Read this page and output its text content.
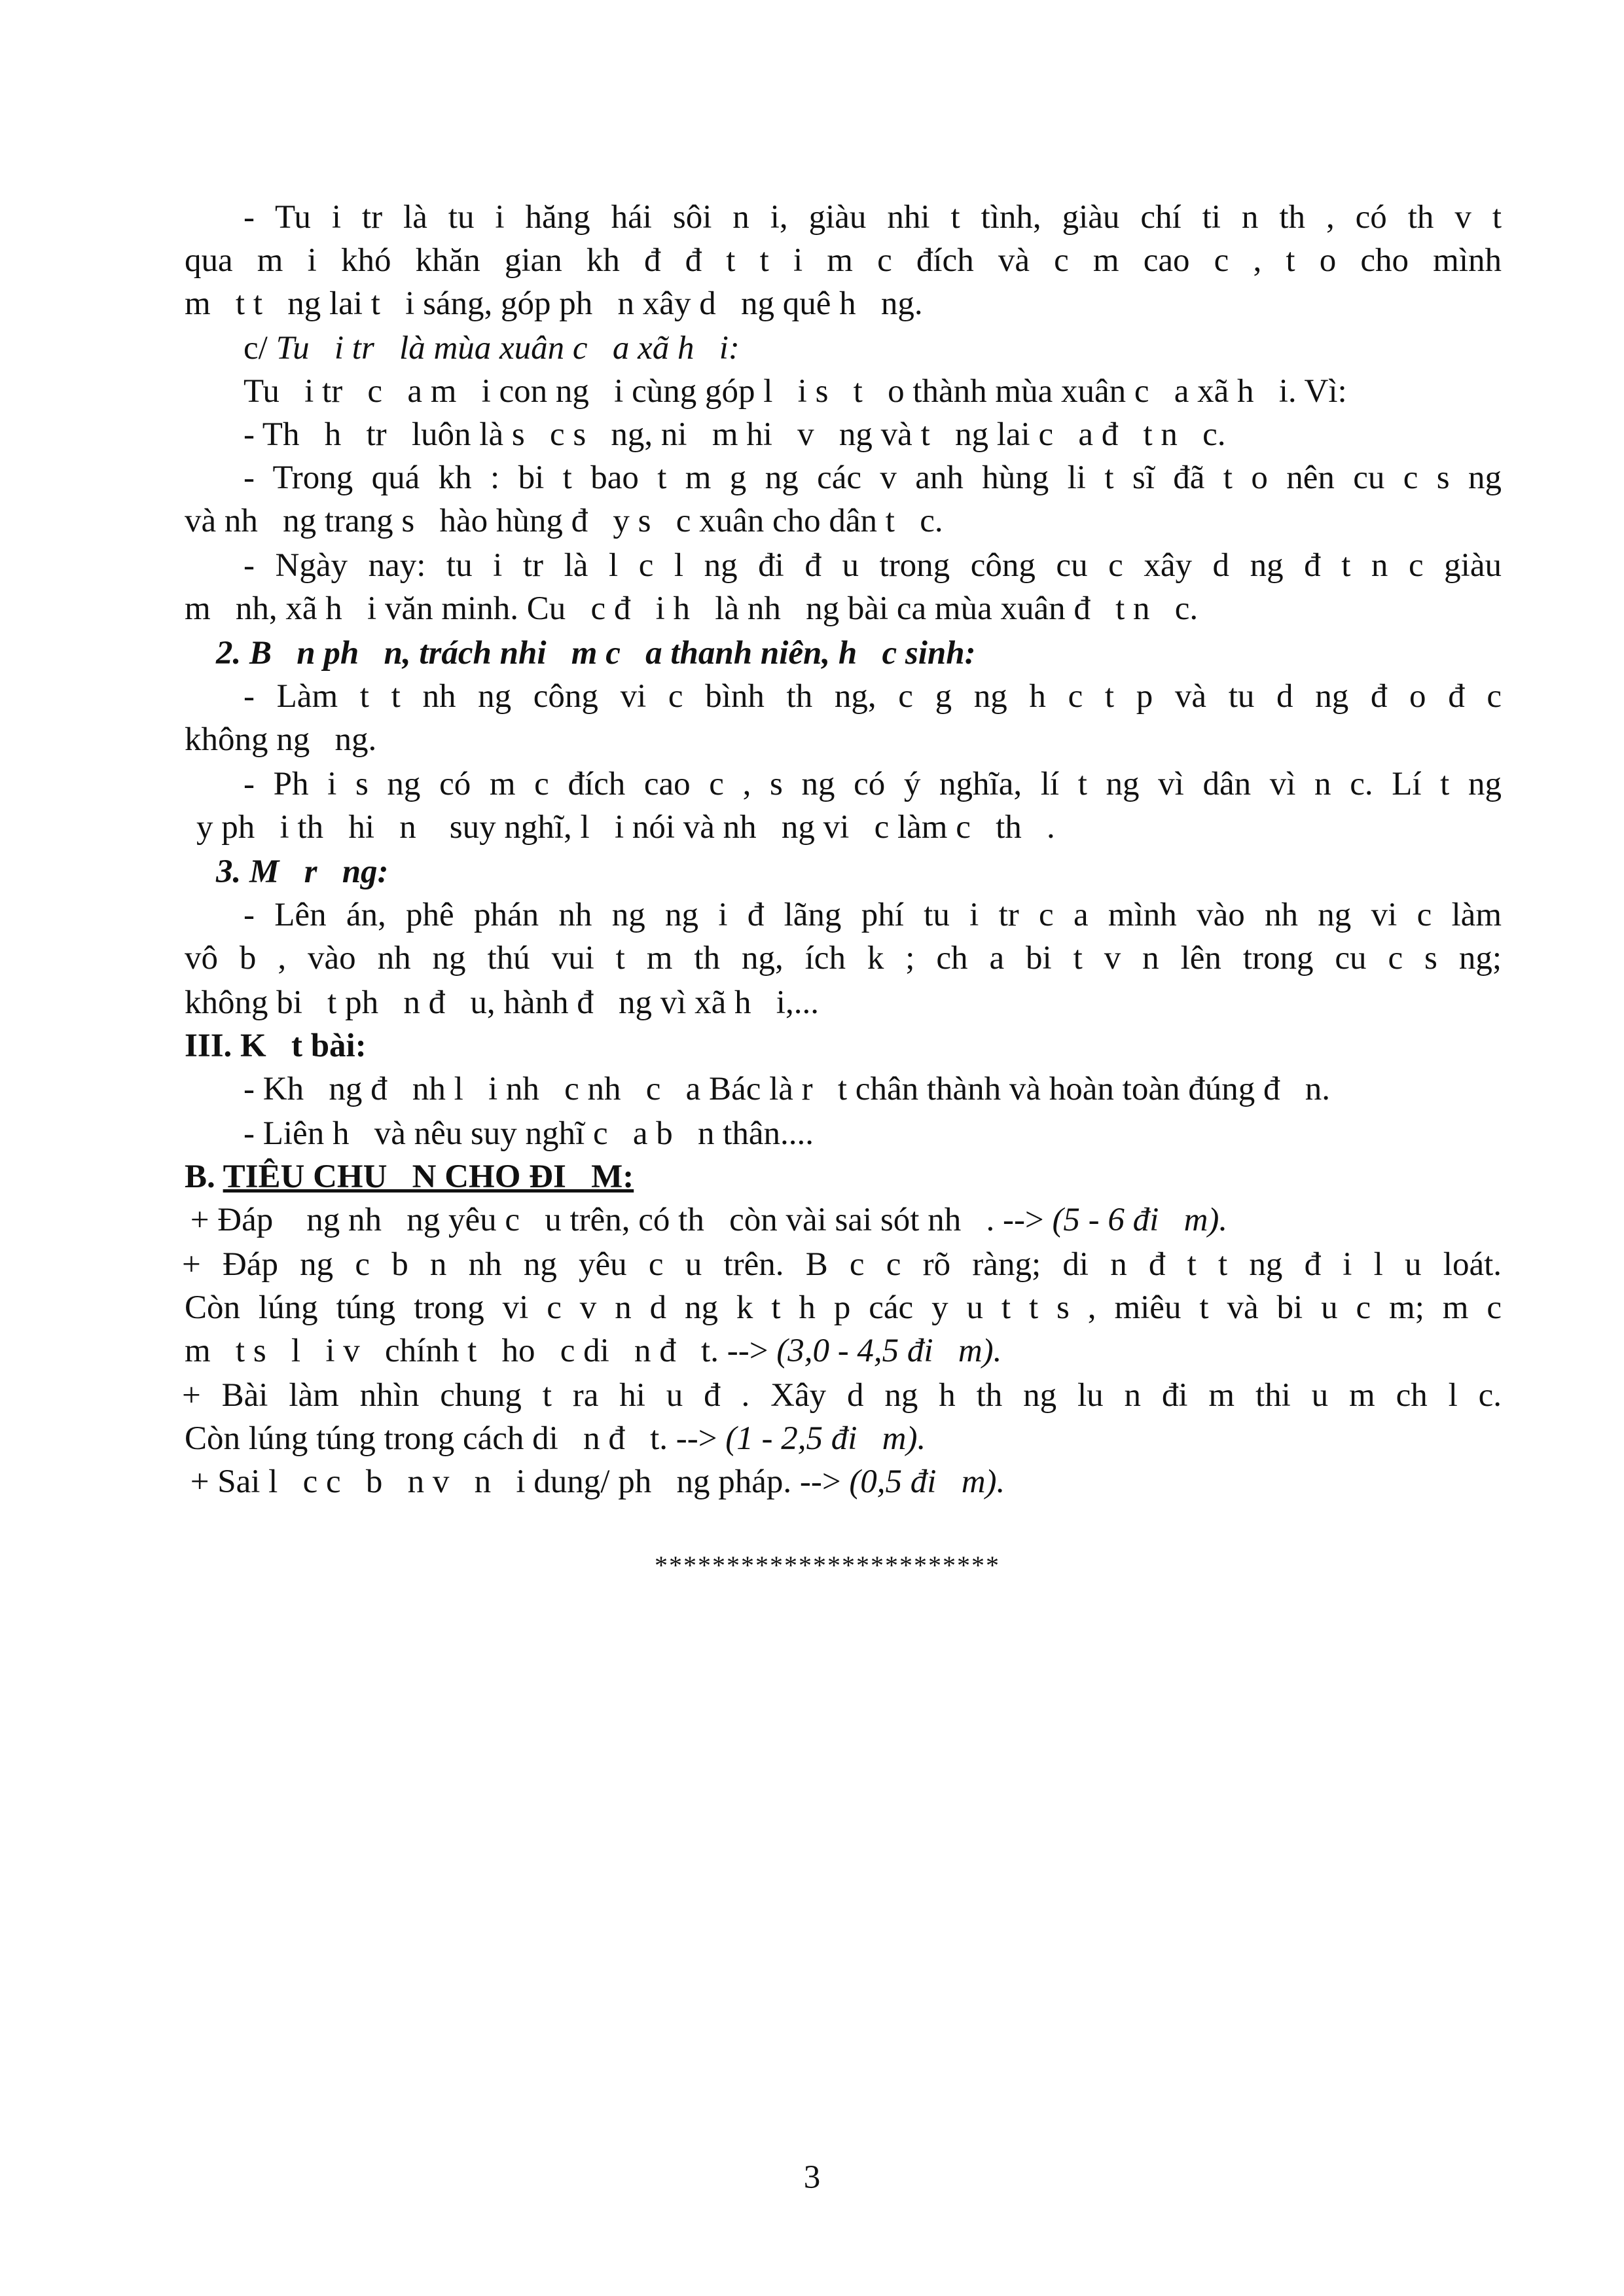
- Tu i tr là tu i hăng hái sôi n i, giàu nhi t tình, giàu chí ti n th , có th v t
qua m i khó khăn gian kh đ đ t t i m c đích và c m cao c , t o cho mình
m   t t   ng lai t   i sáng, góp ph   n xây d   ng quê h   ng.
c/ Tu   i tr   là mùa xuân c   a xã h   i:
Tu   i tr   c   a m   i con ng   i cùng góp l   i s   t   o thành mùa xuân c   a xã h   i. Vì:
- Th   h   tr   luôn là s   c s   ng, ni   m hi   v   ng và t   ng lai c   a đ   t n   c.
- Trong quá kh : bi t bao t m g ng các v anh hùng li t sĩ đã t o nên cu c s ng
và nh   ng trang s   hào hùng đ   y s   c xuân cho dân t   c.
- Ngày nay: tu i tr là l c l ng đi đ u trong công cu c xây d ng đ t n c giàu
m   nh, xã h   i văn minh. Cu   c đ   i h   là nh   ng bài ca mùa xuân đ   t n   c.
2. B   n ph   n, trách nhi   m c   a thanh niên, h   c sinh:
- Làm t t nh ng công vi c bình th ng, c g ng h c t p và tu d ng đ o đ c
không ng   ng.
- Ph i s ng có m c đích cao c , s ng có ý nghĩa, lí t ng vì dân vì n c. Lí t ng
y ph   i th   hi   n    suy nghĩ, l   i nói và nh   ng vi   c làm c   th   .
3. M   r   ng:
- Lên án, phê phán nh ng ng i đ lãng phí tu i tr c a mình vào nh ng vi c làm
vô b , vào nh ng thú vui t m th ng, ích k ; ch a bi t v n lên trong cu c s ng;
không bi   t ph   n đ   u, hành đ   ng vì xã h   i,...
III. K   t bài:
- Kh   ng đ   nh l   i nh   c nh   c   a Bác là r   t chân thành và hoàn toàn đúng đ   n.
- Liên h   và nêu suy nghĩ c   a b   n thân....
B. TIÊU CHU   N CHO ĐI   M:
+ Đáp    ng nh   ng yêu c   u trên, có th   còn vài sai sót nh   . --> (5 - 6 đi   m).
+ Đáp ng c b n nh ng yêu c u trên. B c c rõ ràng; di n đ t t ng đ i l u loát.
Còn lúng túng trong vi c v n d ng k t h p các y u t t s , miêu t và bi u c m; m c
m   t s   l   i v   chính t   ho   c di   n đ   t. --> (3,0 - 4,5 đi   m).
+ Bài làm nhìn chung t ra hi u đ . Xây d ng h th ng lu n đi m thi u m ch l c.
Còn lúng túng trong cách di   n đ   t. --> (1 - 2,5 đi   m).
+ Sai l   c c   b   n v   n   i dung/ ph   ng pháp. --> (0,5 đi   m).
************************
3
